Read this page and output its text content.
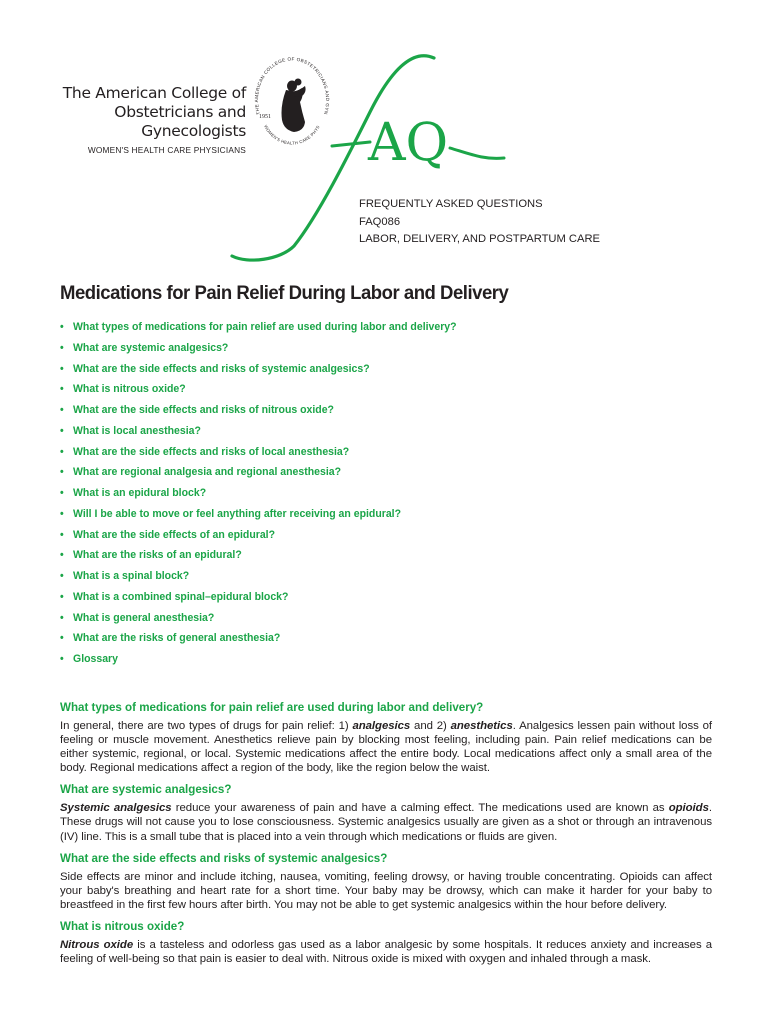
The American College of
Obstetricians and Gynecologists
WOMEN'S HEALTH CARE PHYSICIANS
THE AMERICAN COLLEGE OF OBSTETRICIANS AND GYN
WOMEN'S HEALTH CARE PHYS
1951 AQ
FREQUENTLY ASKED QUESTIONS
FAQ086
LABOR, DELIVERY, AND POSTPARTUM CARE
Medications for Pain Relief During Labor and Delivery
• What types of medications for pain relief are used during labor and delivery?
• What are systemic analgesics?
• What are the side effects and risks of systemic analgesics?
• What is nitrous oxide?
• What are the side effects and risks of nitrous oxide?
• What is local anesthesia?
• What are the side effects and risks of local anesthesia?
• What are regional analgesia and regional anesthesia?
• What is an epidural block?
• Will I be able to move or feel anything after receiving an epidural?
• What are the side effects of an epidural?
• What are the risks of an epidural?
• What is a spinal block?
• What is a combined spinal–epidural block?
• What is general anesthesia?
• What are the risks of general anesthesia?
• Glossary
What types of medications for pain relief are used during labor and delivery?

In general, there are two types of drugs for pain relief: 1) analgesics and 2) anesthetics. Analgesics lessen pain without loss of feeling or muscle movement. Anesthetics relieve pain by blocking most feeling, including pain. Pain relief medications can be either systemic, regional, or local. Systemic medications affect the entire body. Local medications affect only a small area of the body. Regional medications affect a region of the body, like the region below the waist.

What are systemic analgesics?

Systemic analgesics reduce your awareness of pain and have a calming effect. The medications used are known as opioids. These drugs will not cause you to lose consciousness. Systemic analgesics usually are given as a shot or through an intravenous (IV) line. This is a small tube that is placed into a vein through which medications or fluids are given.

What are the side effects and risks of systemic analgesics?

Side effects are minor and include itching, nausea, vomiting, feeling drowsy, or having trouble concentrating. Opioids can affect your baby's breathing and heart rate for a short time. Your baby may be drowsy, which can make it harder for your baby to breastfeed in the first few hours after birth. You may not be able to get systemic analgesics within the hour before delivery.

What is nitrous oxide?

Nitrous oxide is a tasteless and odorless gas used as a labor analgesic by some hospitals. It reduces anxiety and increases a feeling of well-being so that pain is easier to deal with. Nitrous oxide is mixed with oxygen and inhaled through a mask.
